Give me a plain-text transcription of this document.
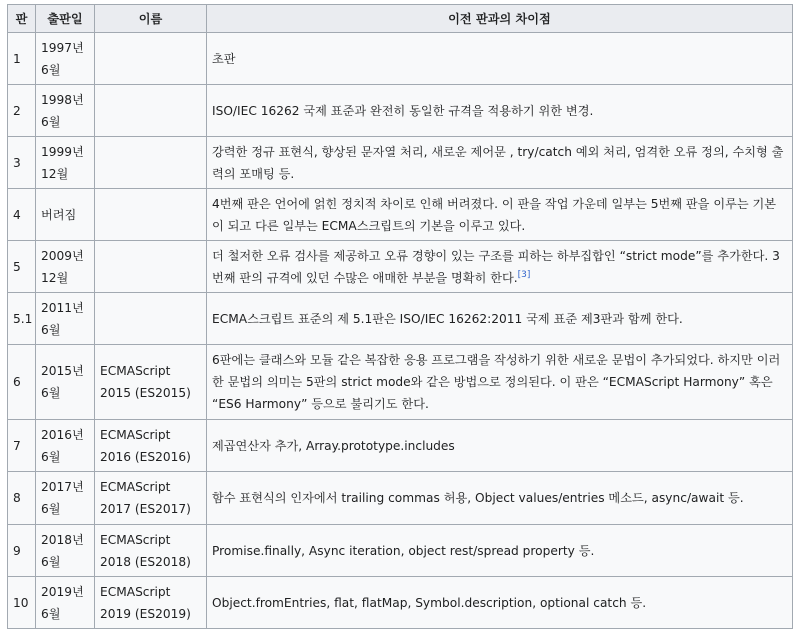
판	출판일	이름	이전 판과의 차이점
1	1997년 6월		초판
2	1998년 6월		ISO/IEC 16262 국제 표준과 완전히 동일한 규격을 적용하기 위한 변경.
3	1999년 12월		강력한 정규 표현식, 향상된 문자열 처리, 새로운 제어문 , try/catch 예외 처리, 엄격한 오류 정의, 수치형 출력의 포매팅 등.
4	버려짐		4번째 판은 언어에 얽힌 정치적 차이로 인해 버려졌다. 이 판을 작업 가운데 일부는 5번째 판을 이루는 기본이 되고 다른 일부는 ECMA스크립트의 기본을 이루고 있다.
5	2009년 12월		더 철저한 오류 검사를 제공하고 오류 경향이 있는 구조를 피하는 하부집합인 “strict mode”를 추가한다. 3번째 판의 규격에 있던 수많은 애매한 부분을 명확히 한다.[3]
5.1	2011년 6월		ECMA스크립트 표준의 제 5.1판은 ISO/IEC 16262:2011 국제 표준 제3판과 함께 한다.
6	2015년 6월	ECMAScript 2015 (ES2015)	6판에는 클래스와 모듈 같은 복잡한 응용 프로그램을 작성하기 위한 새로운 문법이 추가되었다. 하지만 이러한 문법의 의미는 5판의 strict mode와 같은 방법으로 정의된다. 이 판은 “ECMAScript Harmony” 혹은 “ES6 Harmony” 등으로 불리기도 한다.
7	2016년 6월	ECMAScript 2016 (ES2016)	제곱연산자 추가, Array.prototype.includes
8	2017년 6월	ECMAScript 2017 (ES2017)	함수 표현식의 인자에서 trailing commas 허용, Object values/entries 메소드, async/await 등.
9	2018년 6월	ECMAScript 2018 (ES2018)	Promise.finally, Async iteration, object rest/spread property 등.
10	2019년 6월	ECMAScript 2019 (ES2019)	Object.fromEntries, flat, flatMap, Symbol.description, optional catch 등.
